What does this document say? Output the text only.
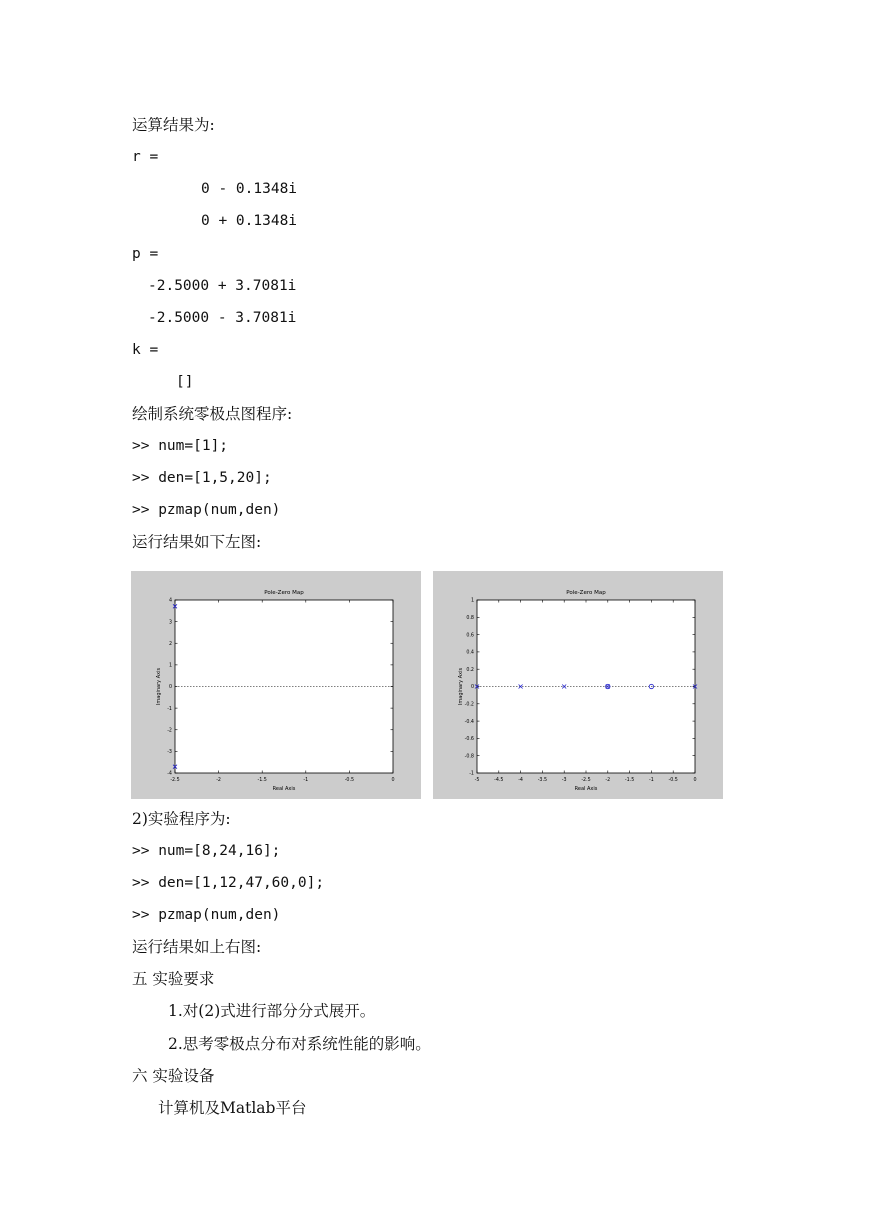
运算结果为:
r =
0 - 0.1348i
0 + 0.1348i
p =
-2.5000 + 3.7081i
-2.5000 - 3.7081i
k =
[]
绘制系统零极点图程序:
>> num=[1];
>> den=[1,5,20];
>> pzmap(num,den)
运行结果如下左图:
Pole-Zero Map
Real Axis
Imaginary Axis
-2.5	-2	-1.5	-1	-0.5	0
4
3
2
1
0
-1
-2
-3
-4
Pole-Zero Map
Real Axis
Imaginary Axis
-5	-4.5	-4	-3.5	-3	-2.5	-2	-1.5	-1	-0.5	0
1
0.8
0.6
0.4
0.2
0
-0.2
-0.4
-0.6
-0.8
-1
2)实验程序为:
>> num=[8,24,16];
>> den=[1,12,47,60,0];
>> pzmap(num,den)
运行结果如上右图:
五 实验要求
1.对(2)式进行部分分式展开。
2.思考零极点分布对系统性能的影响。
六 实验设备
计算机及Matlab平台
